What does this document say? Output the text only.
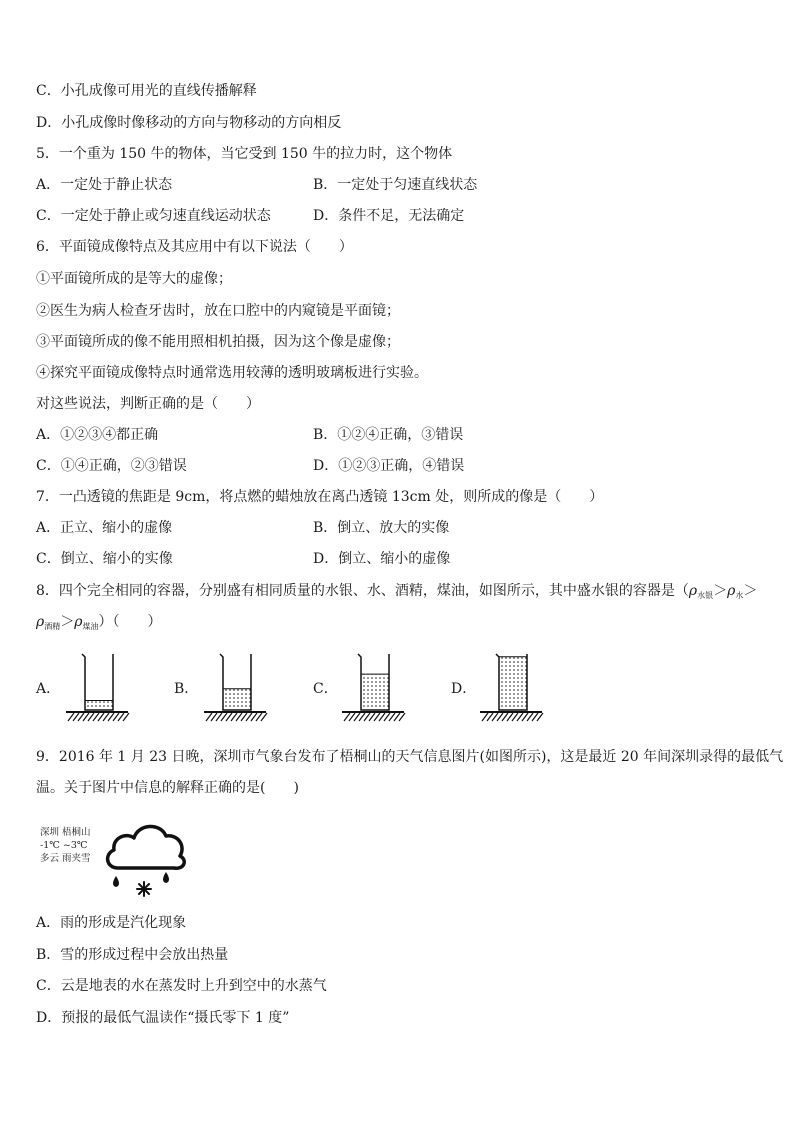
C．小孔成像可用光的直线传播解释
D．小孔成像时像移动的方向与物移动的方向相反
5．一个重为 150 牛的物体，当它受到 150 牛的拉力时，这个物体
A．一定处于静止状态	B．一定处于匀速直线状态
C．一定处于静止或匀速直线运动状态	D．条件不足，无法确定
6．平面镜成像特点及其应用中有以下说法（　　）
①平面镜所成的是等大的虚像；
②医生为病人检查牙齿时，放在口腔中的内窥镜是平面镜；
③平面镜所成的像不能用照相机拍摄，因为这个像是虚像；
④探究平面镜成像特点时通常选用较薄的透明玻璃板进行实验。
对这些说法，判断正确的是（　　）
A．①②③④都正确	B．①②④正确，③错误
C．①④正确，②③错误	D．①②③正确，④错误
7．一凸透镜的焦距是 9cm，将点燃的蜡烛放在离凸透镜 13cm 处，则所成的像是（　　）
A．正立、缩小的虚像	B．倒立、放大的实像
C．倒立、缩小的实像	D．倒立、缩小的虚像
8．四个完全相同的容器，分别盛有相同质量的水银、水、酒精，煤油，如图所示，其中盛水银的容器是（$\rho_{水银}>\rho_水>$
$\rho_{酒精}>\rho_{煤油}$）（　　）
A．	B．	C．	D．
9．2016 年 1 月 23 日晚，深圳市气象台发布了梧桐山的天气信息图片(如图所示)，这是最近 20 年间深圳录得的最低气
温。关于图片中信息的解释正确的是(　　)
深圳 梧桐山
-1℃ ~3℃
多云 雨夹雪
A．雨的形成是汽化现象
B．雪的形成过程中会放出热量
C．云是地表的水在蒸发时上升到空中的水蒸气
D．预报的最低气温读作“摄氏零下 1 度”
